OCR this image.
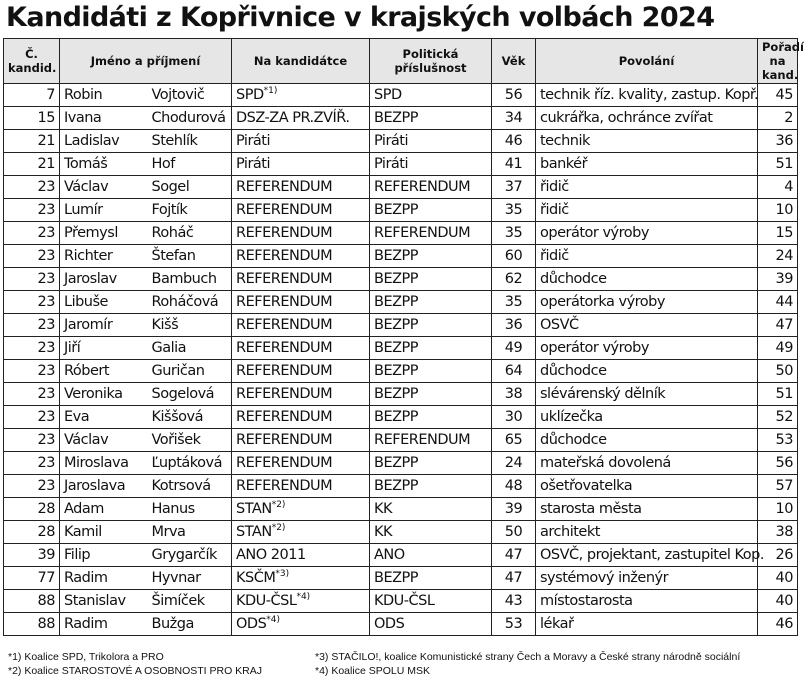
Kandidáti z Kopřivnice v krajských volbách 2024
Č. kandid.	Jméno a příjmení		Na kandidátce	Politická příslušnost	Věk	Povolání	Pořadí na kand.
7	Robin	Vojtovič	SPD$^{*1)}$	SPD	56	technik říz. kvality, zastup. Kopř.	45
15	Ivana	Chodurová	DSZ-ZA PR.ZVÍŘ.	BEZPP	34	cukrářka, ochránce zvířat	2
21	Ladislav	Stehlík	Piráti	Piráti	46	technik	36
21	Tomáš	Hof	Piráti	Piráti	41	bankéř	51
23	Václav	Sogel	REFERENDUM	REFERENDUM	37	řidič	4
23	Lumír	Fojtík	REFERENDUM	BEZPP	35	řidič	10
23	Přemysl	Roháč	REFERENDUM	REFERENDUM	35	operátor výroby	15
23	Richter	Štefan	REFERENDUM	BEZPP	60	řidič	24
23	Jaroslav	Bambuch	REFERENDUM	BEZPP	62	důchodce	39
23	Libuše	Roháčová	REFERENDUM	BEZPP	35	operátorka výroby	44
23	Jaromír	Kišš	REFERENDUM	BEZPP	36	OSVČ	47
23	Jiří	Galia	REFERENDUM	BEZPP	49	operátor výroby	49
23	Róbert	Guričan	REFERENDUM	BEZPP	64	důchodce	50
23	Veronika	Sogelová	REFERENDUM	BEZPP	38	slévárenský dělník	51
23	Eva	Kiššová	REFERENDUM	BEZPP	30	uklízečka	52
23	Václav	Vořišek	REFERENDUM	REFERENDUM	65	důchodce	53
23	Miroslava	Ľuptáková	REFERENDUM	BEZPP	24	mateřská dovolená	56
23	Jaroslava	Kotrsová	REFERENDUM	BEZPP	48	ošetřovatelka	57
28	Adam	Hanus	STAN$^{*2)}$	KK	39	starosta města	10
28	Kamil	Mrva	STAN$^{*2)}$	KK	50	architekt	38
39	Filip	Grygarčík	ANO 2011	ANO	47	OSVČ, projektant, zastupitel Kop.	26
77	Radim	Hyvnar	KSČM$^{*3)}$	BEZPP	47	systémový inženýr	40
88	Stanislav	Šimíček	KDU-ČSL$^{*4)}$	KDU-ČSL	43	místostarosta	40
88	Radim	Bužga	ODS$^{*4)}$	ODS	53	lékař	46
*1) Koalice SPD, Trikolora a PRO
*2) Koalice STAROSTOVÉ A OSOBNOSTI PRO KRAJ
*3) STAČILO!, koalice Komunistické strany Čech a Moravy a České strany národně sociální
*4) Koalice SPOLU MSK
